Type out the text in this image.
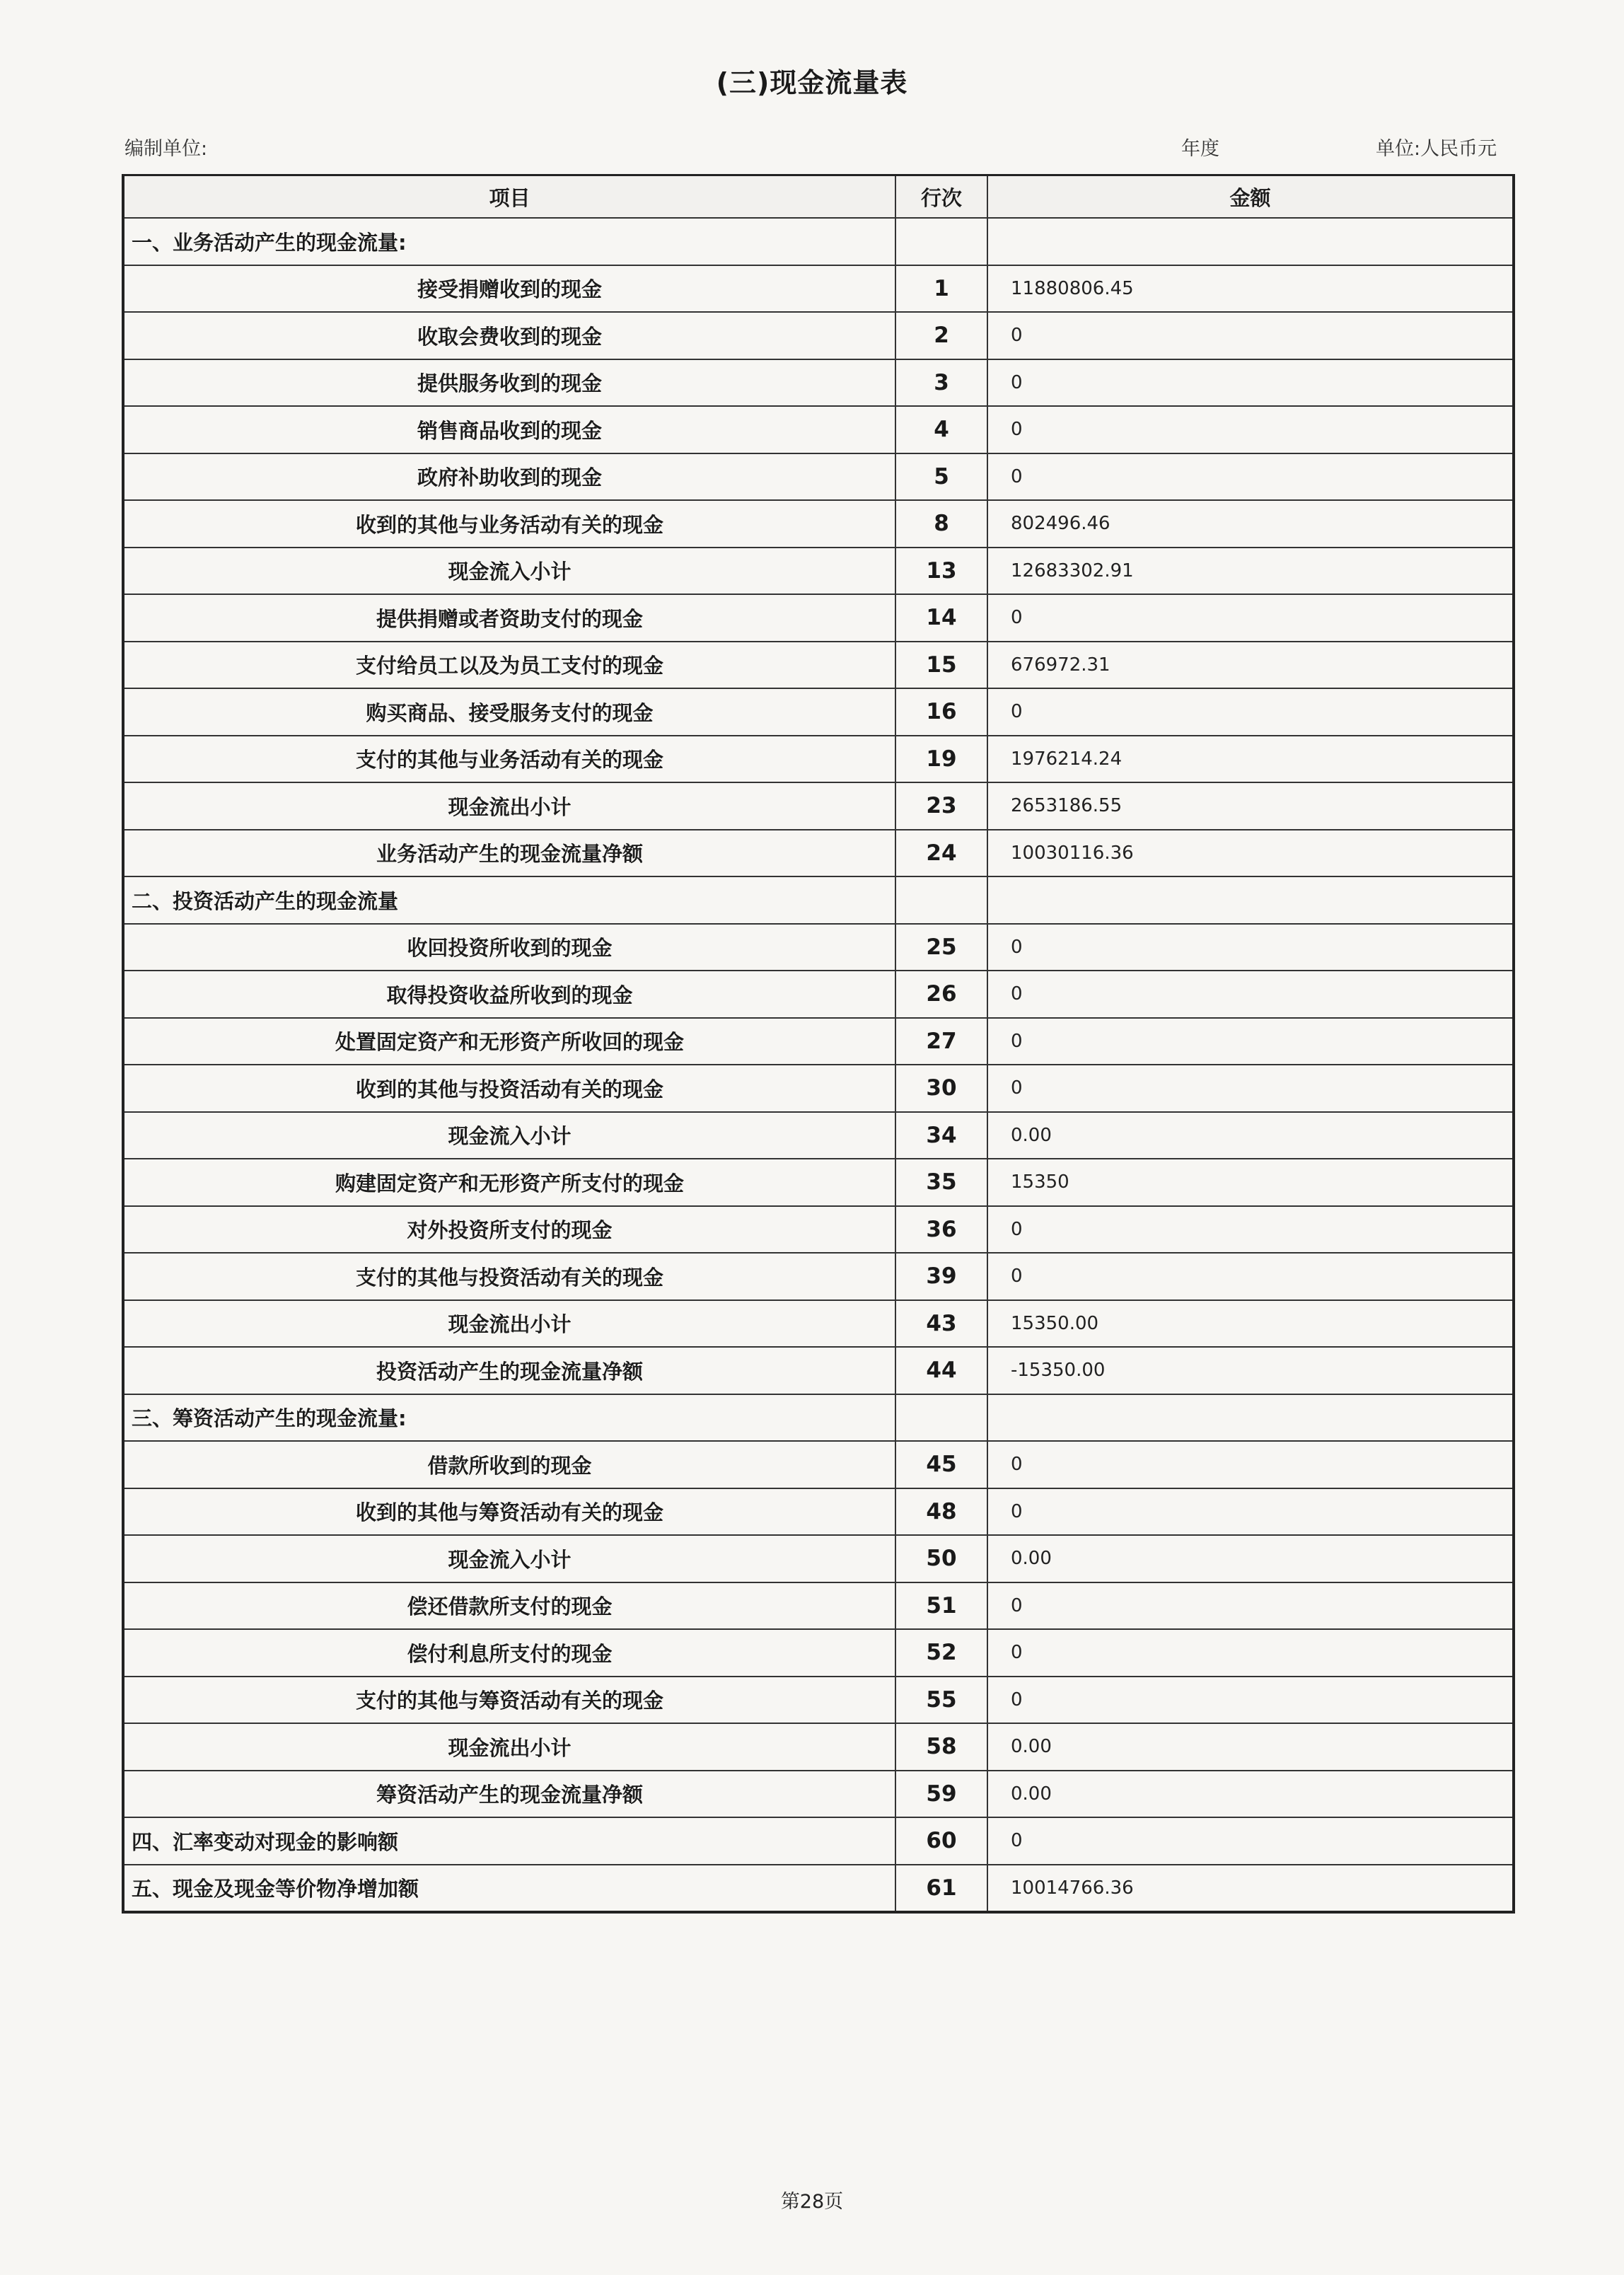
(三)现金流量表
编制单位:	年度	单位:人民币元
项目	行次	金额
一、业务活动产生的现金流量:		
接受捐赠收到的现金	1	11880806.45
收取会费收到的现金	2	0
提供服务收到的现金	3	0
销售商品收到的现金	4	0
政府补助收到的现金	5	0
收到的其他与业务活动有关的现金	8	802496.46
现金流入小计	13	12683302.91
提供捐赠或者资助支付的现金	14	0
支付给员工以及为员工支付的现金	15	676972.31
购买商品、接受服务支付的现金	16	0
支付的其他与业务活动有关的现金	19	1976214.24
现金流出小计	23	2653186.55
业务活动产生的现金流量净额	24	10030116.36
二、投资活动产生的现金流量		
收回投资所收到的现金	25	0
取得投资收益所收到的现金	26	0
处置固定资产和无形资产所收回的现金	27	0
收到的其他与投资活动有关的现金	30	0
现金流入小计	34	0.00
购建固定资产和无形资产所支付的现金	35	15350
对外投资所支付的现金	36	0
支付的其他与投资活动有关的现金	39	0
现金流出小计	43	15350.00
投资活动产生的现金流量净额	44	-15350.00
三、筹资活动产生的现金流量:		
借款所收到的现金	45	0
收到的其他与筹资活动有关的现金	48	0
现金流入小计	50	0.00
偿还借款所支付的现金	51	0
偿付利息所支付的现金	52	0
支付的其他与筹资活动有关的现金	55	0
现金流出小计	58	0.00
筹资活动产生的现金流量净额	59	0.00
四、汇率变动对现金的影响额	60	0
五、现金及现金等价物净增加额	61	10014766.36
第28页
